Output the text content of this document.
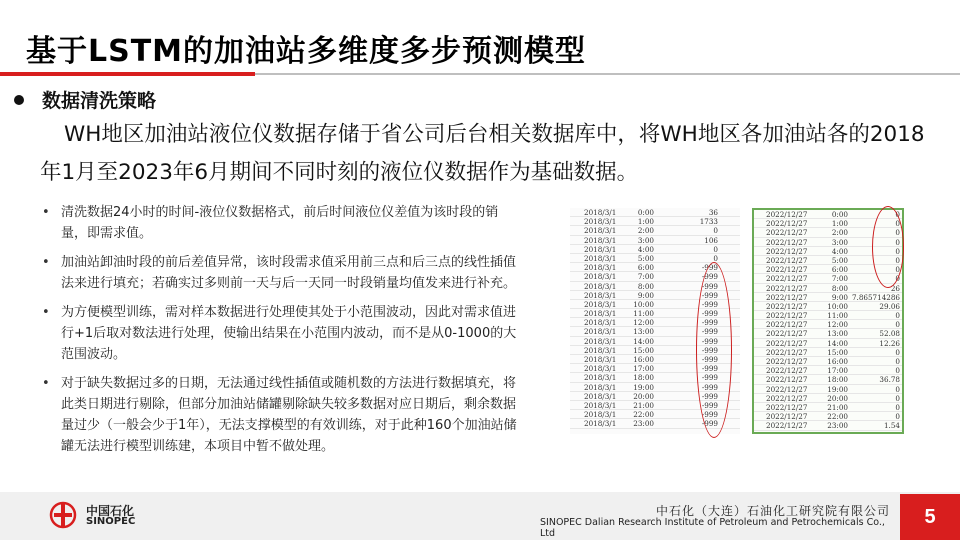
基于LSTM的加油站多维度多步预测模型
数据清洗策略
WH地区加油站液位仪数据存储于省公司后台相关数据库中，将WH地区各加油站各的2018年1月至2023年6月期间不同时刻的液位仪数据作为基础数据。
• 清洗数据24小时的时间-液位仪数据格式，前后时间液位仪差值为该时段的销量，即需求值。
• 加油站卸油时段的前后差值异常，该时段需求值采用前三点和后三点的线性插值法来进行填充；若确实过多则前一天与后一天同一时段销量均值发来进行补充。
• 为方便模型训练，需对样本数据进行处理使其处于小范围波动，因此对需求值进行+1后取对数法进行处理，使输出结果在小范围内波动，而不是从0-1000的大范围波动。
• 对于缺失数据过多的日期，无法通过线性插值或随机数的方法进行数据填充，将此类日期进行剔除，但部分加油站储罐剔除缺失较多数据对应日期后，剩余数据量过少（一般会少于1年），无法支撑模型的有效训练，对于此种160个加油站储罐无法进行模型训练建，本项目中暂不做处理。
2018/3/1	0:00	36
2018/3/1	1:00	1733
2018/3/1	2:00	0
2018/3/1	3:00	106
2018/3/1	4:00	0
2018/3/1	5:00	0
2018/3/1	6:00	-999
2018/3/1	7:00	-999
2018/3/1	8:00	-999
2018/3/1	9:00	-999
2018/3/1	10:00	-999
2018/3/1	11:00	-999
2018/3/1	12:00	-999
2018/3/1	13:00	-999
2018/3/1	14:00	-999
2018/3/1	15:00	-999
2018/3/1	16:00	-999
2018/3/1	17:00	-999
2018/3/1	18:00	-999
2018/3/1	19:00	-999
2018/3/1	20:00	-999
2018/3/1	21:00	-999
2018/3/1	22:00	-999
2018/3/1	23:00	-999
2022/12/27	0:00	0
2022/12/27	1:00	0
2022/12/27	2:00	0
2022/12/27	3:00	0
2022/12/27	4:00	0
2022/12/27	5:00	0
2022/12/27	6:00	0
2022/12/27	7:00	0
2022/12/27	8:00	26
2022/12/27	9:00 7.865714286
2022/12/27	10:00	29.06
2022/12/27	11:00	0
2022/12/27	12:00	0
2022/12/27	13:00	52.08
2022/12/27	14:00	12.26
2022/12/27	15:00	0
2022/12/27	16:00	0
2022/12/27	17:00	0
2022/12/27	18:00	36.78
2022/12/27	19:00	0
2022/12/27	20:00	0
2022/12/27	21:00	0
2022/12/27	22:00	0
2022/12/27	23:00	1.54
中国石化
SINOPEC
中石化（大连）石油化工研究院有限公司
SINOPEC Dalian Research Institute of Petroleum and Petrochemicals Co., Ltd
5
